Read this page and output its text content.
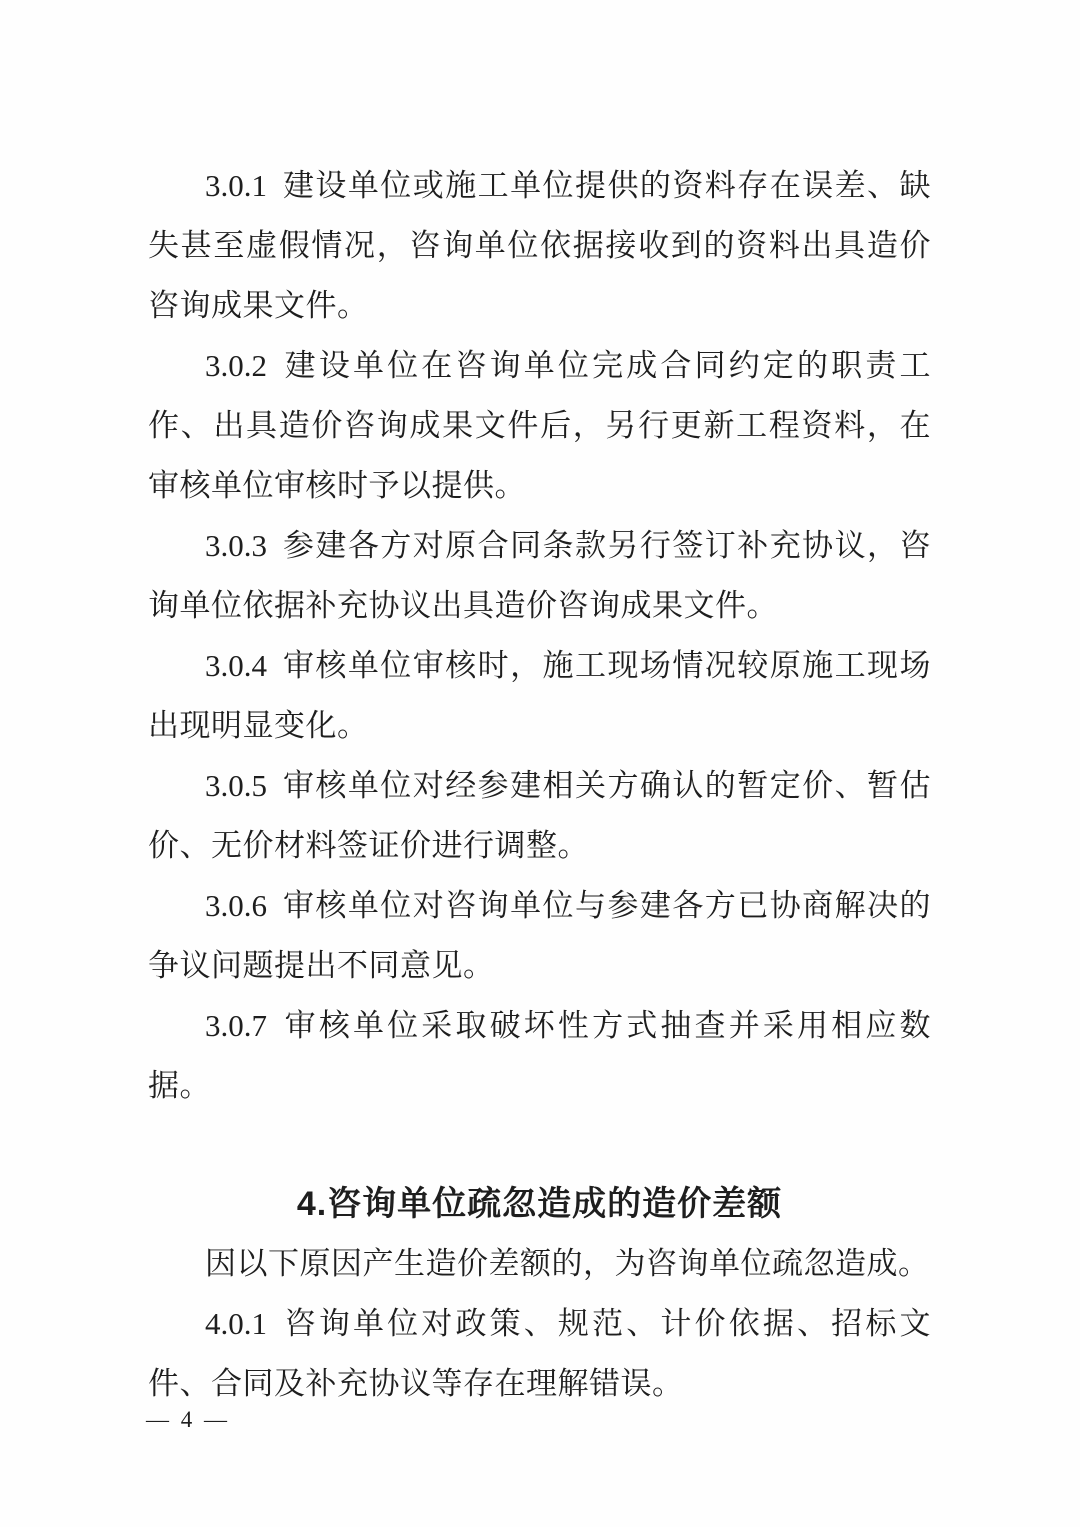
3.0.1 建设单位或施工单位提供的资料存在误差、缺失甚至虚假情况，咨询单位依据接收到的资料出具造价咨询成果文件。

3.0.2 建设单位在咨询单位完成合同约定的职责工作、出具造价咨询成果文件后，另行更新工程资料，在审核单位审核时予以提供。

3.0.3 参建各方对原合同条款另行签订补充协议，咨询单位依据补充协议出具造价咨询成果文件。

3.0.4 审核单位审核时，施工现场情况较原施工现场出现明显变化。

3.0.5 审核单位对经参建相关方确认的暂定价、暂估价、无价材料签证价进行调整。

3.0.6 审核单位对咨询单位与参建各方已协商解决的争议问题提出不同意见。

3.0.7 审核单位采取破坏性方式抽查并采用相应数据。

4.咨询单位疏忽造成的造价差额

因以下原因产生造价差额的，为咨询单位疏忽造成。

4.0.1 咨询单位对政策、规范、计价依据、招标文件、合同及补充协议等存在理解错误。

— 4 —
